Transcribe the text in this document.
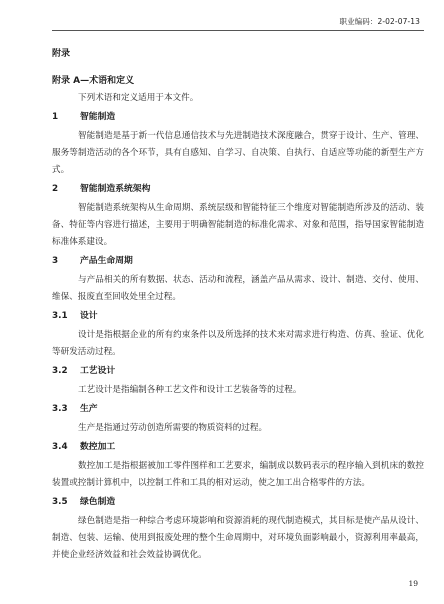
职业编码：2-02-07-13
附录
附录 A—术语和定义

下列术语和定义适用于本文件。

1 智能制造

智能制造是基于新一代信息通信技术与先进制造技术深度融合，贯穿于设计、生产、管理、服务等制造活动的各个环节，具有自感知、自学习、自决策、自执行、自适应等功能的新型生产方式。

2 智能制造系统架构

智能制造系统架构从生命周期、系统层级和智能特征三个维度对智能制造所涉及的活动、装备、特征等内容进行描述，主要用于明确智能制造的标准化需求、对象和范围，指导国家智能制造标准体系建设。

3 产品生命周期

与产品相关的所有数据、状态、活动和流程，涵盖产品从需求、设计、制造、交付、使用、维保、报废直至回收处里全过程。

3.1 设计

设计是指根据企业的所有约束条件以及所选择的技术来对需求进行构造、仿真、验证、优化等研发活动过程。

3.2 工艺设计

工艺设计是指编制各种工艺文件和设计工艺装备等的过程。

3.3 生产

生产是指通过劳动创造所需要的物质资料的过程。

3.4 数控加工

数控加工是指根据被加工零件图样和工艺要求，编制成以数码表示的程序输入到机床的数控装置或控制计算机中，以控制工件和工具的相对运动，使之加工出合格零件的方法。

3.5 绿色制造

绿色制造是指一种综合考虑环境影响和资源消耗的现代制造模式，其目标是使产品从设计、制造、包装、运输、使用到报废处理的整个生命周期中，对环境负面影响最小，资源利用率最高，并使企业经济效益和社会效益协调优化。

19
